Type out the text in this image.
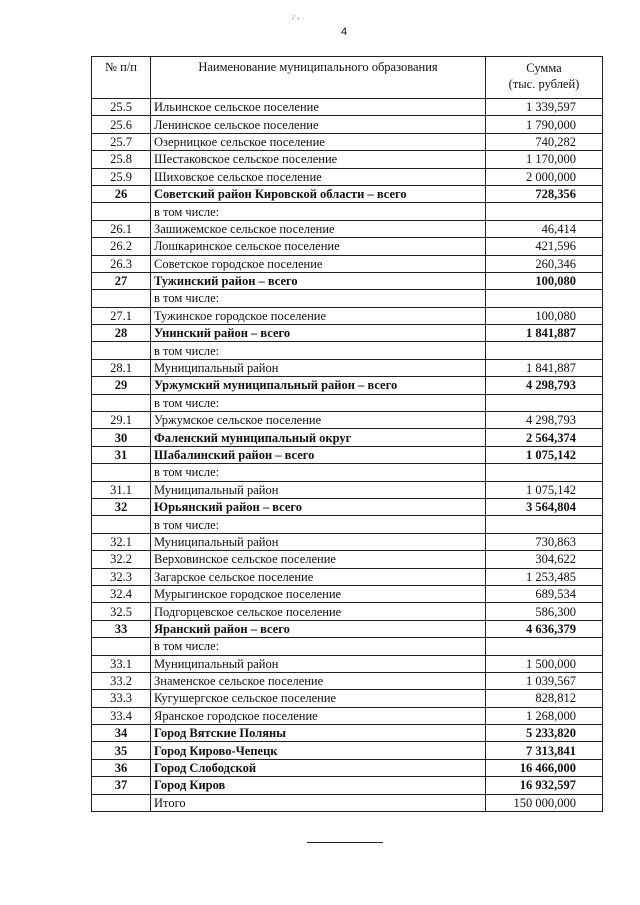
·̈ ·
4
№ п/п	Наименование муниципального образования	Сумма
(тыс. рублей)
25.5	Ильинское сельское поселение	1 339,597
25.6	Ленинское сельское поселение	1 790,000
25.7	Озерницкое сельское поселение	740,282
25.8	Шестаковское сельское поселение	1 170,000
25.9	Шиховское сельское поселение	2 000,000
26	Советский район Кировской области – всего	728,356
	в том числе:	
26.1	Зашижемское сельское поселение	46,414
26.2	Лошкаринское сельское поселение	421,596
26.3	Советское городское поселение	260,346
27	Тужинский район – всего	100,080
	в том числе:	
27.1	Тужинское городское поселение	100,080
28	Унинский район – всего	1 841,887
	в том числе:	
28.1	Муниципальный район	1 841,887
29	Уржумский муниципальный район – всего	4 298,793
	в том числе:	
29.1	Уржумское сельское поселение	4 298,793
30	Фаленский муниципальный округ	2 564,374
31	Шабалинский район – всего	1 075,142
	в том числе:	
31.1	Муниципальный район	1 075,142
32	Юрьянский район – всего	3 564,804
	в том числе:	
32.1	Муниципальный район	730,863
32.2	Верховинское сельское поселение	304,622
32.3	Загарское сельское поселение	1 253,485
32.4	Мурыгинское городское поселение	689,534
32.5	Подгорцевское сельское поселение	586,300
33	Яранский район – всего	4 636,379
	в том числе:	
33.1	Муниципальный район	1 500,000
33.2	Знаменское сельское поселение	1 039,567
33.3	Кугушергское сельское поселение	828,812
33.4	Яранское городское поселение	1 268,000
34	Город Вятские Поляны	5 233,820
35	Город Кирово-Чепецк	7 313,841
36	Город Слободской	16 466,000
37	Город Киров	16 932,597
	Итого	150 000,000
